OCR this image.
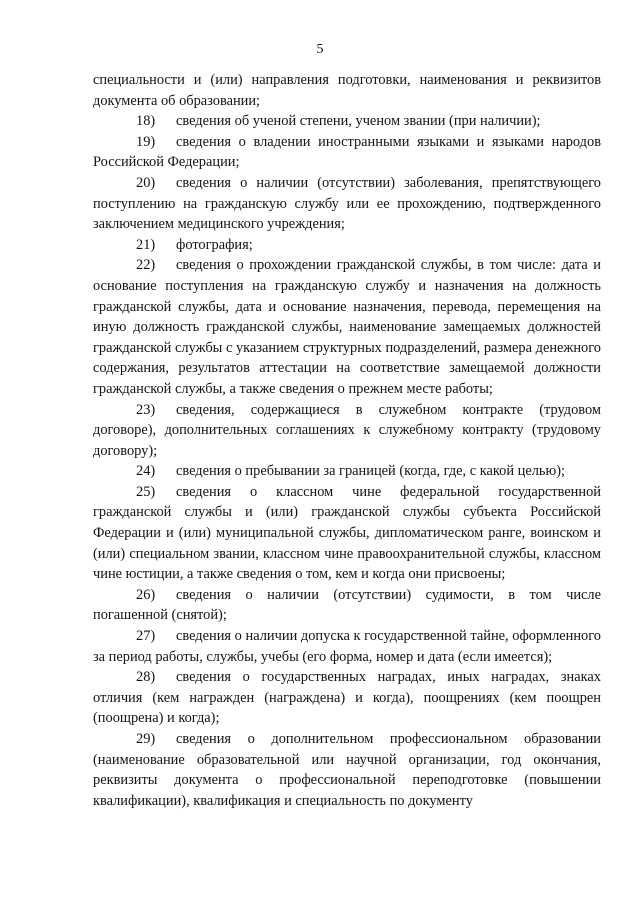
5

специальности и (или) направления подготовки, наименования и реквизитов документа об образовании;

18) сведения об ученой степени, ученом звании (при наличии);

19) сведения о владении иностранными языками и языками народов Российской Федерации;

20) сведения о наличии (отсутствии) заболевания, препятствующего поступлению на гражданскую службу или ее прохождению, подтвержденного заключением медицинского учреждения;

21) фотография;

22) сведения о прохождении гражданской службы, в том числе: дата и основание поступления на гражданскую службу и назначения на должность гражданской службы, дата и основание назначения, перевода, перемещения на иную должность гражданской службы, наименование замещаемых должностей гражданской службы с указанием структурных подразделений, размера денежного содержания, результатов аттестации на соответствие замещаемой должности гражданской службы, а также сведения о прежнем месте работы;

23) сведения, содержащиеся в служебном контракте (трудовом договоре), дополнительных соглашениях к служебному контракту (трудовому договору);

24) сведения о пребывании за границей (когда, где, с какой целью);

25) сведения о классном чине федеральной государственной гражданской службы и (или) гражданской службы субъекта Российской Федерации и (или) муниципальной службы, дипломатическом ранге, воинском и (или) специальном звании, классном чине правоохранительной службы, классном чине юстиции, а также сведения о том, кем и когда они присвоены;

26) сведения о наличии (отсутствии) судимости, в том числе погашенной (снятой);

27) сведения о наличии допуска к государственной тайне, оформленного за период работы, службы, учебы (его форма, номер и дата (если имеется);

28) сведения о государственных наградах, иных наградах, знаках отличия (кем награжден (награждена) и когда), поощрениях (кем поощрен (поощрена) и когда);

29) сведения о дополнительном профессиональном образовании (наименование образовательной или научной организации, год окончания, реквизиты документа о профессиональной переподготовке (повышении квалификации), квалификация и специальность по документу
